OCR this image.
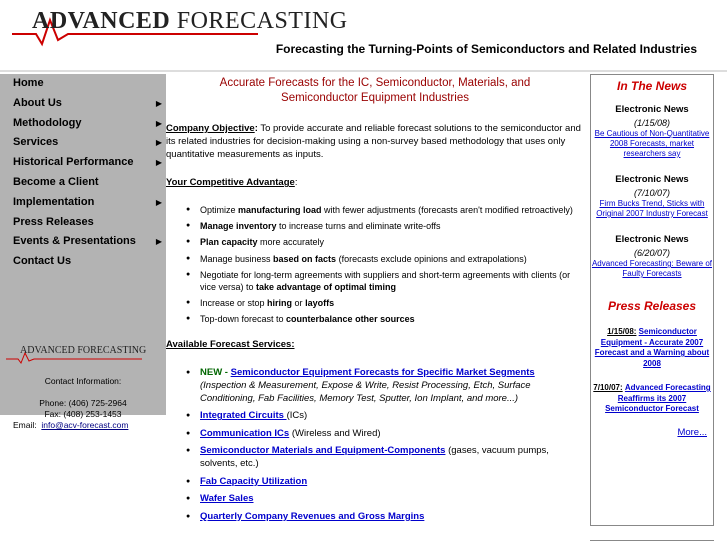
ADVANCED FORECASTING
Forecasting the Turning-Points of Semiconductors and Related Industries
Home
About Us	▶
Methodology	▶
Services	▶
Historical Performance	▶
Become a Client
Implementation	▶
Press Releases
Events & Presentations ▶
Contact Us
ADVANCED FORECASTING
Contact Information:
Phone: (406) 725-2964
Fax: (408) 253-1453
Email: info@acv-forecast.com
Accurate Forecasts for the IC, Semiconductor, Materials, and Semiconductor Equipment Industries
Company Objective: To provide accurate and reliable forecast solutions to the semiconductor and its related industries for decision-making using a non-survey based methodology that uses only quantitative measurements as inputs.
Your Competitive Advantage:
● Optimize manufacturing load with fewer adjustments (forecasts aren't modified retroactively)
● Manage inventory to increase turns and eliminate write-offs
● Plan capacity more accurately
● Manage business based on facts (forecasts exclude opinions and extrapolations)
● Negotiate for long-term agreements with suppliers and short-term agreements with clients (or vice versa) to take advantage of optimal timing
● Increase or stop hiring or layoffs
● Top-down forecast to counterbalance other sources
Available Forecast Services:
● NEW - Semiconductor Equipment Forecasts for Specific Market Segments
(Inspection & Measurement, Expose & Write, Resist Processing, Etch, Surface Conditioning, Fab Facilities, Memory Test, Sputter, Ion Implant, and more...)
● Integrated Circuits (ICs)
● Communication ICs (Wireless and Wired)
● Semiconductor Materials and Equipment-Components (gases, vacuum pumps, solvents, etc.)
● Fab Capacity Utilization
● Wafer Sales
● Quarterly Company Revenues and Gross Margins
In The News
Electronic News
(1/15/08)
Be Cautious of Non-Quantitative 2008 Forecasts, market researchers say
Electronic News
(7/10/07)
Firm Bucks Trend, Sticks with Original 2007 Industry Forecast
Electronic News
(6/20/07)
Advanced Forecasting: Beware of Faulty Forecasts
Press Releases
1/15/08: Semiconductor Equipment - Accurate 2007 Forecast and a Warning about 2008
7/10/07: Advanced Forecasting Reaffirms its 2007 Semiconductor Forecast
More...
